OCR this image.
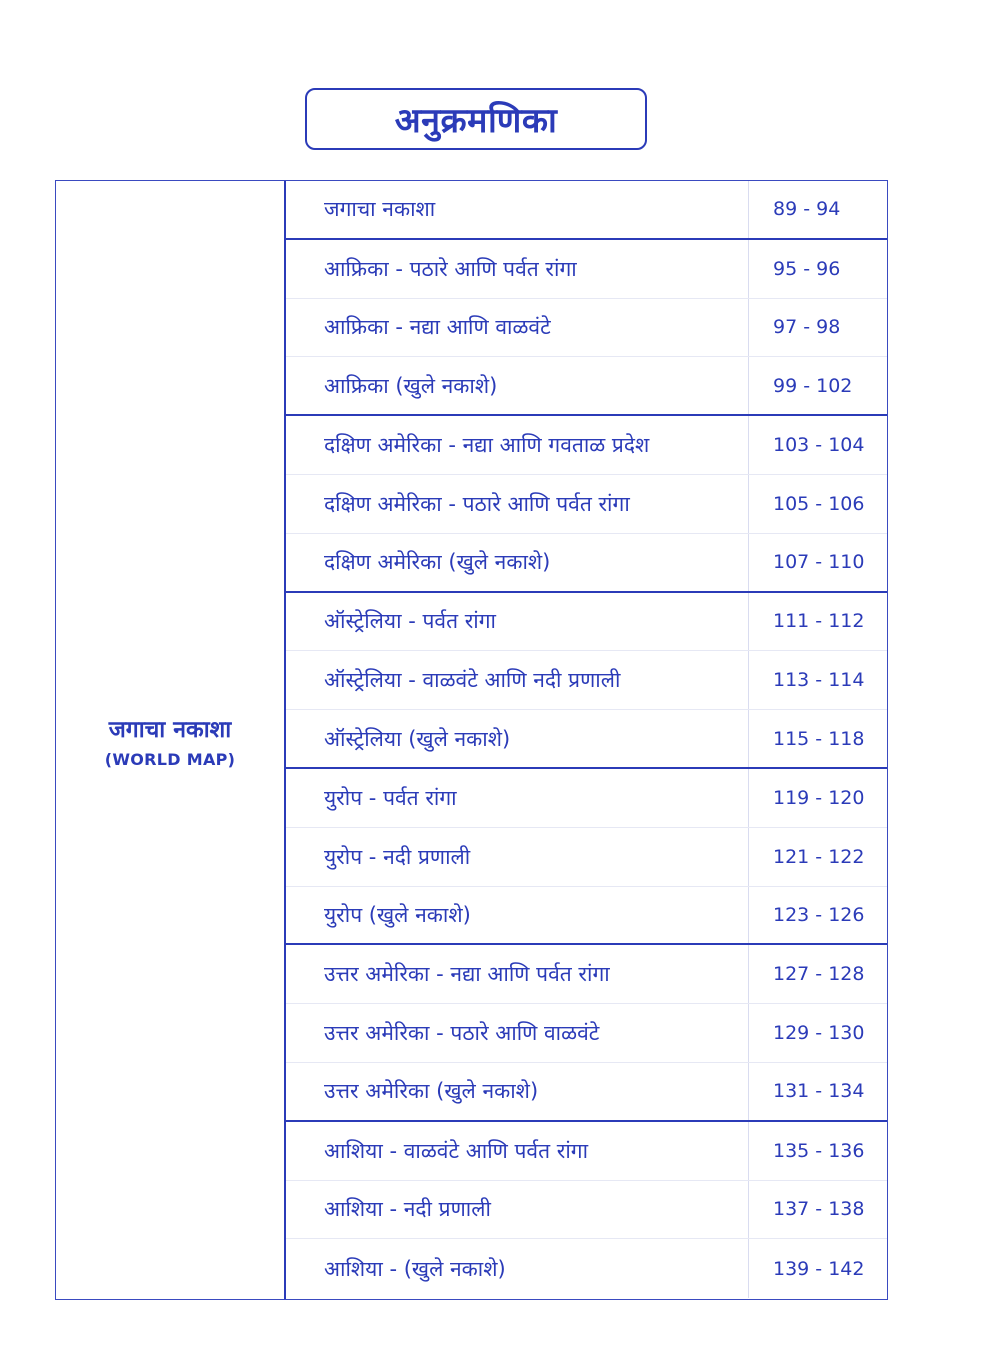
अनुक्रमणिका
जगाचा नकाशा
(WORLD MAP)
जगाचा नकाशा	89 - 94
आफ्रिका - पठारे आणि पर्वत रांगा	95 - 96
आफ्रिका - नद्या आणि वाळवंटे	97 - 98
आफ्रिका (खुले नकाशे)	99 - 102
दक्षिण अमेरिका - नद्या आणि गवताळ प्रदेश	103 - 104
दक्षिण अमेरिका - पठारे आणि पर्वत रांगा	105 - 106
दक्षिण अमेरिका (खुले नकाशे)	107 - 110
ऑस्ट्रेलिया - पर्वत रांगा	111 - 112
ऑस्ट्रेलिया - वाळवंटे आणि नदी प्रणाली	113 - 114
ऑस्ट्रेलिया (खुले नकाशे)	115 - 118
युरोप - पर्वत रांगा	119 - 120
युरोप - नदी प्रणाली	121 - 122
युरोप (खुले नकाशे)	123 - 126
उत्तर अमेरिका - नद्या आणि पर्वत रांगा	127 - 128
उत्तर अमेरिका - पठारे आणि वाळवंटे	129 - 130
उत्तर अमेरिका (खुले नकाशे)	131 - 134
आशिया - वाळवंटे आणि पर्वत रांगा	135 - 136
आशिया - नदी प्रणाली	137 - 138
आशिया - (खुले नकाशे)	139 - 142
